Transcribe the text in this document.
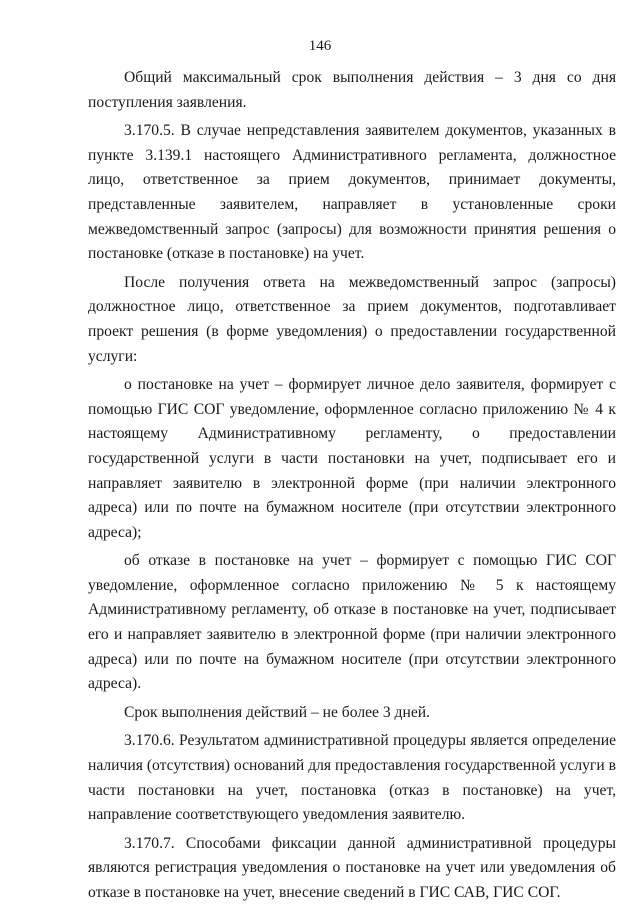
146

Общий максимальный срок выполнения действия – 3 дня со дня поступления заявления.

3.170.5. В случае непредставления заявителем документов, указанных в пункте 3.139.1 настоящего Административного регламента, должностное лицо, ответственное за прием документов, принимает документы, представленные заявителем, направляет в установленные сроки межведомственный запрос (запросы) для возможности принятия решения о постановке (отказе в постановке) на учет.

После получения ответа на межведомственный запрос (запросы) должностное лицо, ответственное за прием документов, подготавливает проект решения (в форме уведомления) о предоставлении государственной услуги:

о постановке на учет – формирует личное дело заявителя, формирует с помощью ГИС СОГ уведомление, оформленное согласно приложению № 4 к настоящему Административному регламенту, о предоставлении государственной услуги в части постановки на учет, подписывает его и направляет заявителю в электронной форме (при наличии электронного адреса) или по почте на бумажном носителе (при отсутствии электронного адреса);

об отказе в постановке на учет – формирует с помощью ГИС СОГ уведомление, оформленное согласно приложению № 5 к настоящему Административному регламенту, об отказе в постановке на учет, подписывает его и направляет заявителю в электронной форме (при наличии электронного адреса) или по почте на бумажном носителе (при отсутствии электронного адреса).

Срок выполнения действий – не более 3 дней.

3.170.6. Результатом административной процедуры является определение наличия (отсутствия) оснований для предоставления государственной услуги в части постановки на учет, постановка (отказ в постановке) на учет, направление соответствующего уведомления заявителю.

3.170.7. Способами фиксации данной административной процедуры являются регистрация уведомления о постановке на учет или уведомления об отказе в постановке на учет, внесение сведений в ГИС САВ, ГИС СОГ.
